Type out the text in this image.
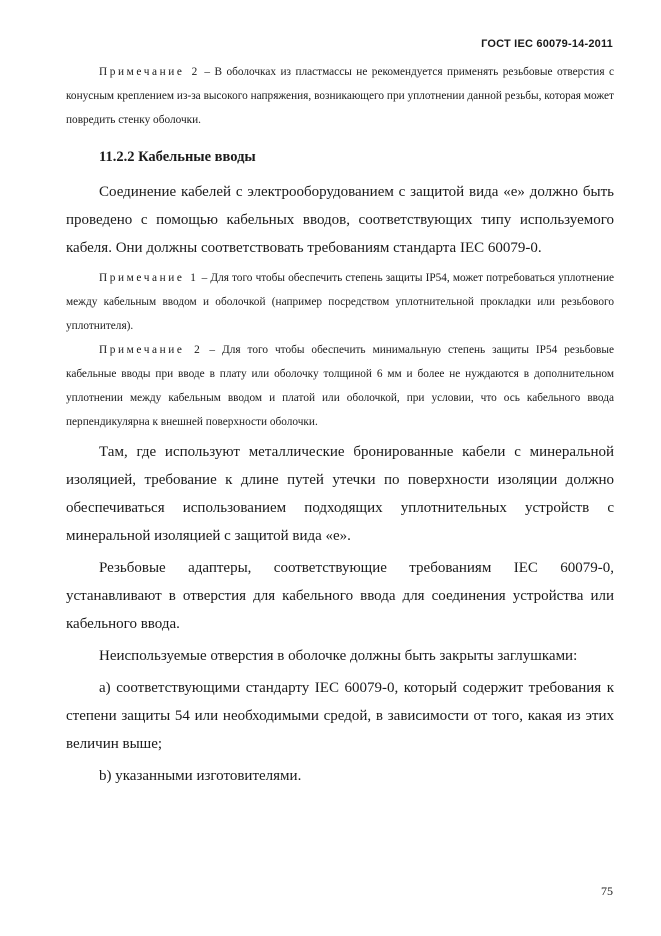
ГОСТ IEC 60079-14-2011

Примечание 2 – В оболочках из пластмассы не рекомендуется применять резьбовые отверстия с конусным креплением из-за высокого напряжения, возникающего при уплотнении данной резьбы, которая может повредить стенку оболочки.

11.2.2 Кабельные вводы

Соединение кабелей с электрооборудованием с защитой вида «е» должно быть проведено с помощью кабельных вводов, соответствующих типу используемого кабеля. Они должны соответствовать требованиям стандарта IEC 60079-0.

Примечание 1 – Для того чтобы обеспечить степень защиты IP54, может потребоваться уплотнение между кабельным вводом и оболочкой (например посредством уплотнительной прокладки или резьбового уплотнителя).

Примечание 2 – Для того чтобы обеспечить минимальную степень защиты IP54 резьбовые кабельные вводы при вводе в плату или оболочку толщиной 6 мм и более не нуждаются в дополнительном уплотнении между кабельным вводом и платой или оболочкой, при условии, что ось кабельного ввода перпендикулярна к внешней поверхности оболочки.

Там, где используют металлические бронированные кабели с минеральной изоляцией, требование к длине путей утечки по поверхности изоляции должно обеспечиваться использованием подходящих уплотнительных устройств с минеральной изоляцией с защитой вида «е».

Резьбовые адаптеры, соответствующие требованиям IEC 60079-0, устанавливают в отверстия для кабельного ввода для соединения устройства или кабельного ввода.

Неиспользуемые отверстия в оболочке должны быть закрыты заглушками:

a) соответствующими стандарту IEC 60079-0, который содержит требования к степени защиты 54 или необходимыми средой, в зависимости от того, какая из этих величин выше;

b) указанными изготовителями.

75
